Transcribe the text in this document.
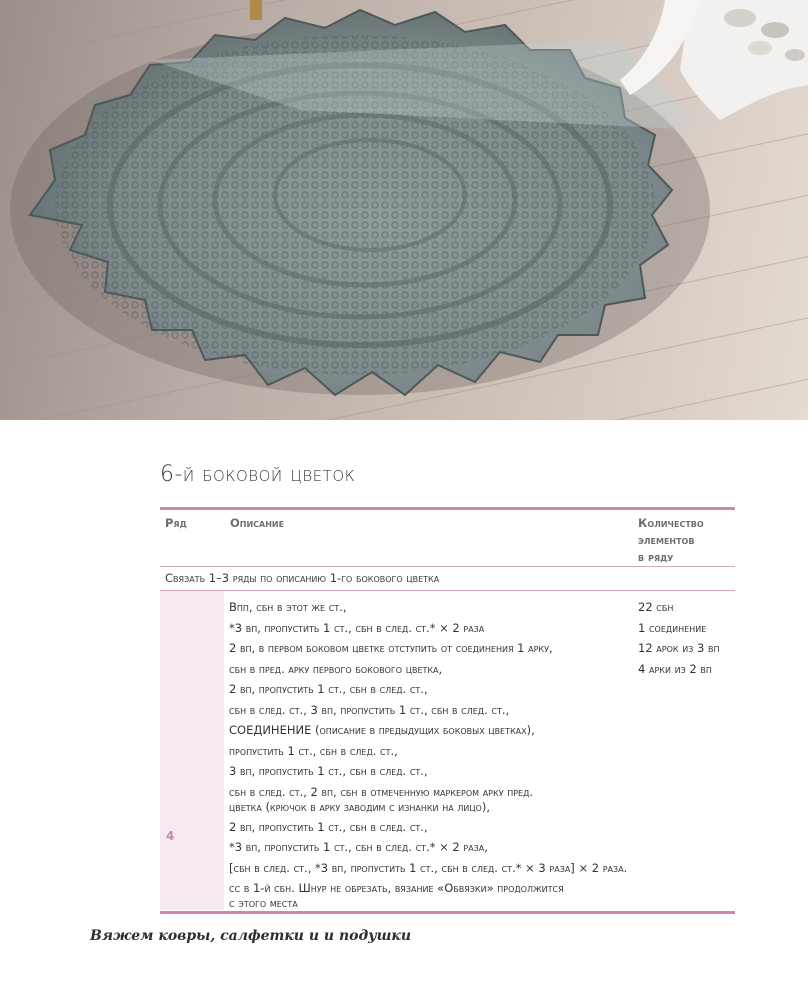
6-й боковой цветок
Ряд	Описание	Количество
элементов
в ряду
Связать 1–3 ряды по описанию 1-го бокового цветка
4
Впп, сбн в этот же ст.,
*3 вп, пропустить 1 ст., сбн в след. ст.* × 2 раза
2 вп, в первом боковом цветке отступить от соединения 1 арку,
сбн в пред. арку первого бокового цветка,
2 вп, пропустить 1 ст., сбн в след. ст.,
сбн в след. ст., 3 вп, пропустить 1 ст., сбн в след. ст.,
СОЕДИНЕНИЕ (описание в предыдущих боковых цветках),
пропустить 1 ст., сбн в след. ст.,
3 вп, пропустить 1 ст., сбн в след. ст.,
сбн в след. ст., 2 вп, сбн в отмеченную маркером арку пред.
цветка (крючок в арку заводим с изнанки на лицо),
2 вп, пропустить 1 ст., сбн в след. ст.,
*3 вп, пропустить 1 ст., сбн в след. ст.* × 2 раза,
[сбн в след. ст., *3 вп, пропустить 1 ст., сбн в след. ст.* × 3 раза] × 2 раза.
сс в 1-й сбн. Шнур не обрезать, вязание «Обвязки» продолжится
с этого места
22 сбн
1 соединение
12 арок из 3 вп
4 арки из 2 вп
Вяжем ковры, салфетки и и подушки
